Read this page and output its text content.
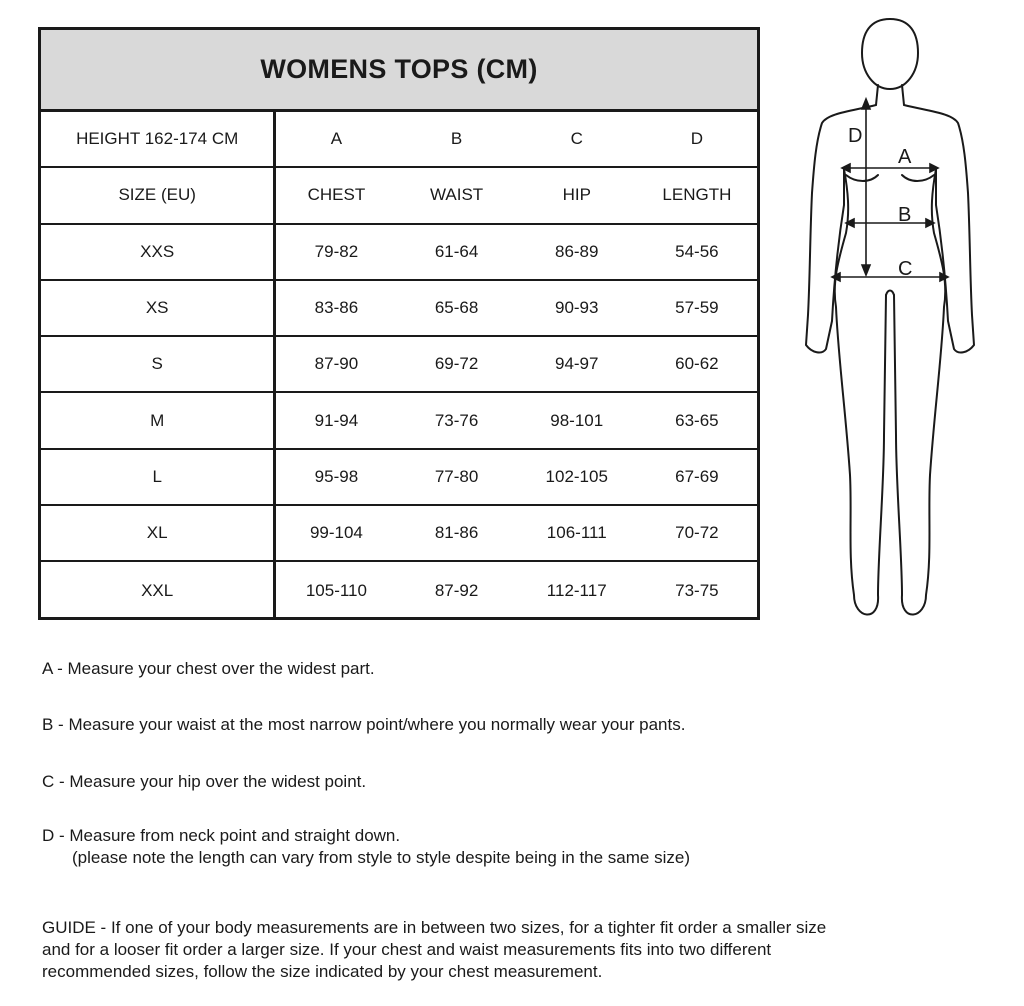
WOMENS TOPS (CM)
HEIGHT 162-174 CM	A	B	C	D
SIZE (EU)	CHEST	WAIST	HIP	LENGTH
XXS	79-82	61-64	86-89	54-56
XS	83-86	65-68	90-93	57-59
S	87-90	69-72	94-97	60-62
M	91-94	73-76	98-101	63-65
L	95-98	77-80	102-105	67-69
XL	99-104	81-86	106-111	70-72
XXL	105-110	87-92	112-117	73-75
D
A
B
C
A - Measure your chest over the widest part.
B - Measure your waist at the most narrow point/where you normally wear your pants.
C - Measure your hip over the widest point.
D - Measure from neck point and straight down.
(please note the length can vary from style to style despite being in the same size)
GUIDE - If one of your body measurements are in between two sizes, for a tighter fit order a smaller size
and for a looser fit order a larger size. If your chest and waist measurements fits into two different
recommended sizes, follow the size indicated by your chest measurement.
